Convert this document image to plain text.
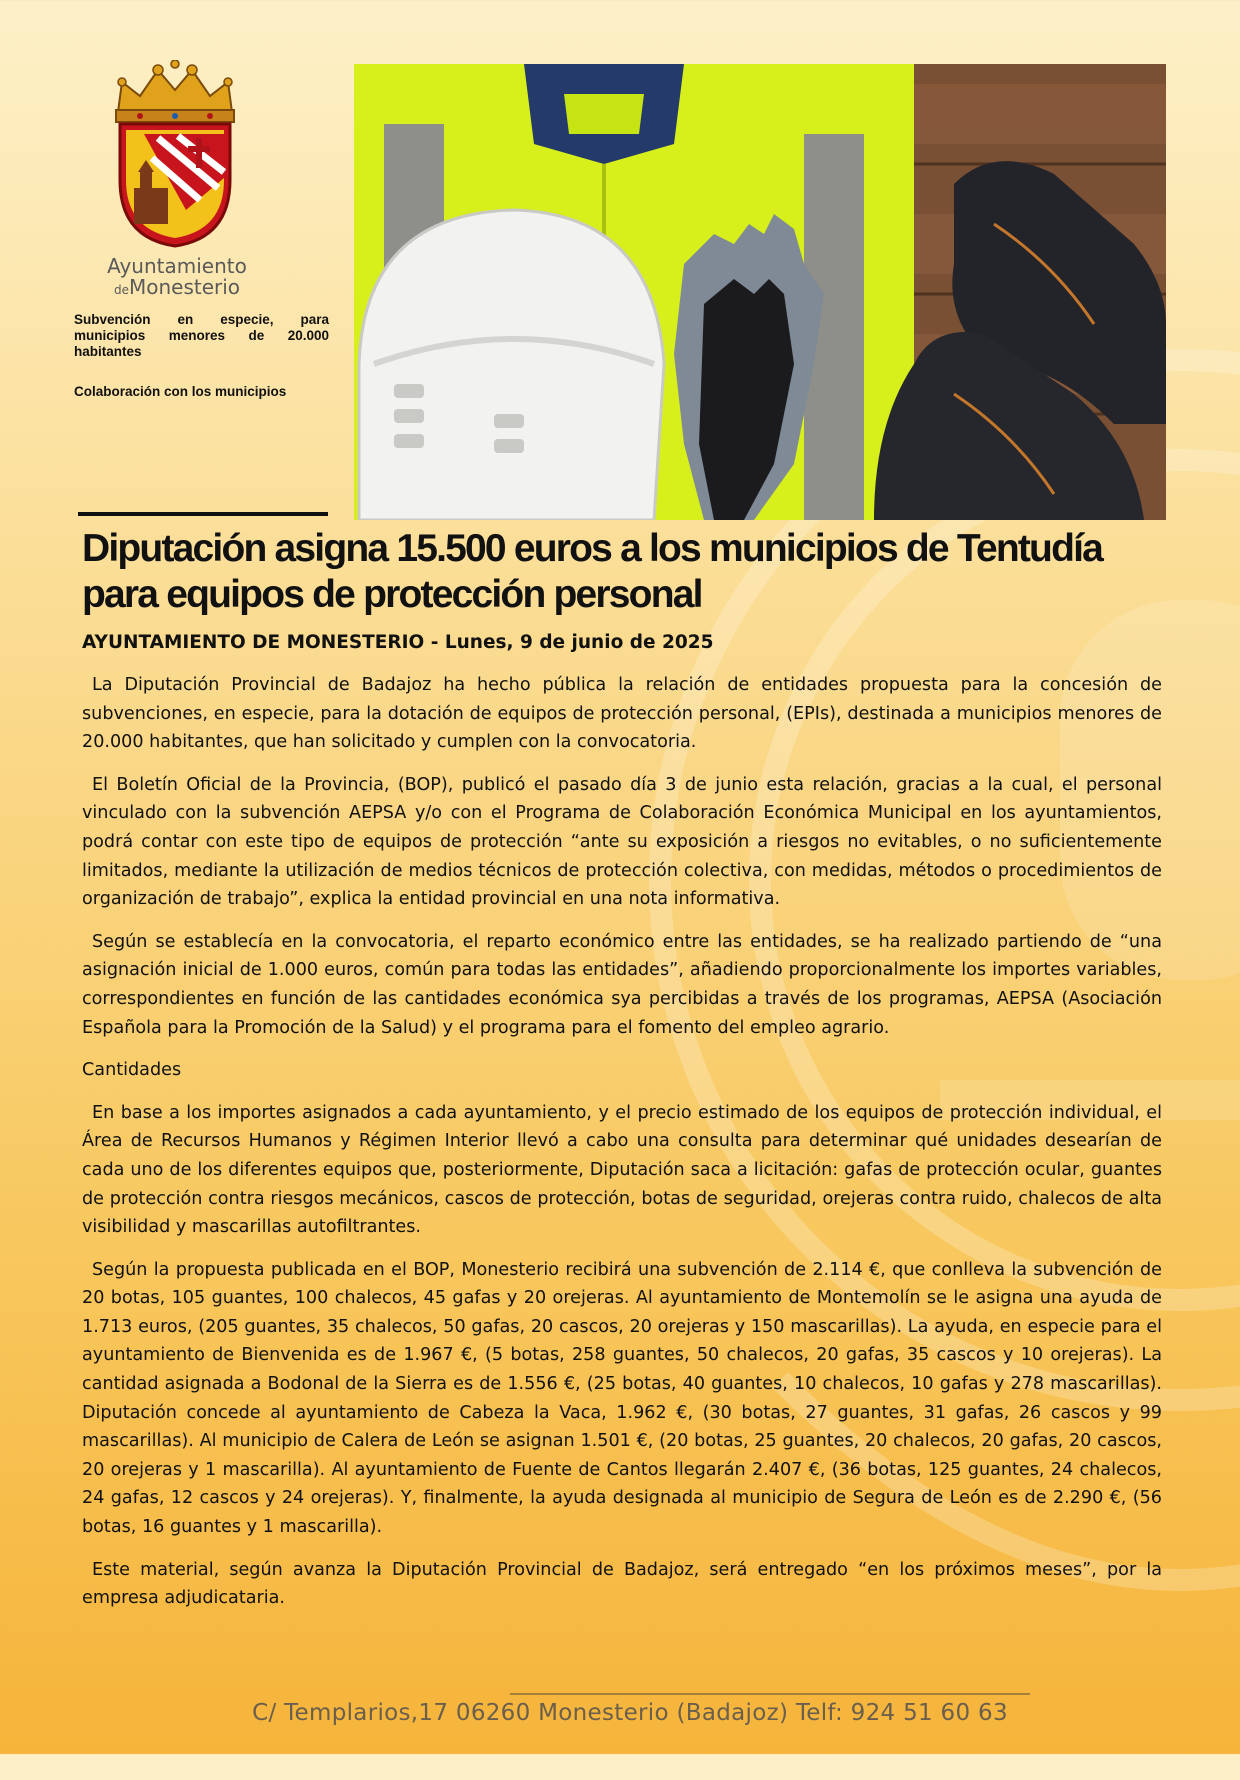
Ayuntamiento
deMonesterio
Subvención en especie, para municipios menores de 20.000 habitantes
Colaboración con los municipios
Diputación asigna 15.500 euros a los municipios de Tentudía para equipos de protección personal
AYUNTAMIENTO DE MONESTERIO - Lunes, 9 de junio de 2025

La Diputación Provincial de Badajoz ha hecho pública la relación de entidades propuesta para la concesión de subvenciones, en especie, para la dotación de equipos de protección personal, (EPIs), destinada a municipios menores de 20.000 habitantes, que han solicitado y cumplen con la convocatoria.

El Boletín Oficial de la Provincia, (BOP), publicó el pasado día 3 de junio esta relación, gracias a la cual, el personal vinculado con la subvención AEPSA y/o con el Programa de Colaboración Económica Municipal en los ayuntamientos, podrá contar con este tipo de equipos de protección “ante su exposición a riesgos no evitables, o no suficientemente limitados, mediante la utilización de medios técnicos de protección colectiva, con medidas, métodos o procedimientos de organización de trabajo”, explica la entidad provincial en una nota informativa.

Según se establecía en la convocatoria, el reparto económico entre las entidades, se ha realizado partiendo de “una asignación inicial de 1.000 euros, común para todas las entidades”, añadiendo proporcionalmente los importes variables, correspondientes en función de las cantidades económica sya percibidas a través de los programas, AEPSA (Asociación Española para la Promoción de la Salud) y el programa para el fomento del empleo agrario.

Cantidades

En base a los importes asignados a cada ayuntamiento, y el precio estimado de los equipos de protección individual, el Área de Recursos Humanos y Régimen Interior llevó a cabo una consulta para determinar qué unidades desearían de cada uno de los diferentes equipos que, posteriormente, Diputación saca a licitación: gafas de protección ocular, guantes de protección contra riesgos mecánicos, cascos de protección, botas de seguridad, orejeras contra ruido, chalecos de alta visibilidad y mascarillas autofiltrantes.

Según la propuesta publicada en el BOP, Monesterio recibirá una subvención de 2.114 €, que conlleva la subvención de 20 botas, 105 guantes, 100 chalecos, 45 gafas y 20 orejeras. Al ayuntamiento de Montemolín se le asigna una ayuda de 1.713 euros, (205 guantes, 35 chalecos, 50 gafas, 20 cascos, 20 orejeras y 150 mascarillas). La ayuda, en especie para el ayuntamiento de Bienvenida es de 1.967 €, (5 botas, 258 guantes, 50 chalecos, 20 gafas, 35 cascos y 10 orejeras). La cantidad asignada a Bodonal de la Sierra es de 1.556 €, (25 botas, 40 guantes, 10 chalecos, 10 gafas y 278 mascarillas). Diputación concede al ayuntamiento de Cabeza la Vaca, 1.962 €, (30 botas, 27 guantes, 31 gafas, 26 cascos y 99 mascarillas). Al municipio de Calera de León se asignan 1.501 €, (20 botas, 25 guantes, 20 chalecos, 20 gafas, 20 cascos, 20 orejeras y 1 mascarilla). Al ayuntamiento de Fuente de Cantos llegarán 2.407 €, (36 botas, 125 guantes, 24 chalecos, 24 gafas, 12 cascos y 24 orejeras). Y, finalmente, la ayuda designada al municipio de Segura de León es de 2.290 €, (56 botas, 16 guantes y 1 mascarilla).

Este material, según avanza la Diputación Provincial de Badajoz, será entregado “en los próximos meses”, por la empresa adjudicataria.

C/ Templarios,17 06260 Monesterio (Badajoz) Telf: 924 51 60 63
